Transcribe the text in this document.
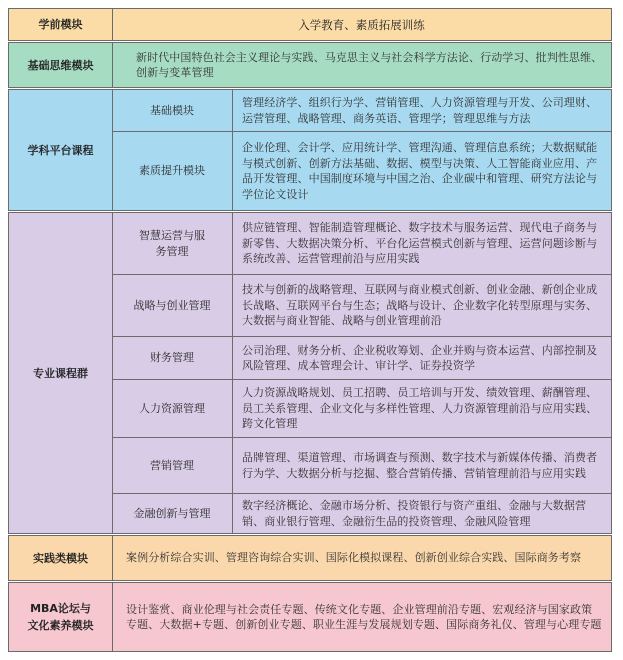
学前模块	入学教育、素质拓展训练
基础思维模块
新时代中国特色社会主义理论与实践、马克思主义与社会科学方法论、行动学习、批判性思维、创新与变革管理
学科平台课程
基础模块
管理经济学、组织行为学、营销管理、人力资源管理与开发、公司理财、运营管理、战略管理、商务英语、管理学；管理思维与方法
素质提升模块
企业伦理、会计学、应用统计学、管理沟通、管理信息系统；大数据赋能与模式创新、创新方法基础、数据、模型与决策、人工智能商业应用、产品开发管理、中国制度环境与中国之治、企业碳中和管理、研究方法论与学位论文设计
专业课程群
智慧运营与服务管理
供应链管理、智能制造管理概论、数字技术与服务运营、现代电子商务与新零售、大数据决策分析、平台化运营模式创新与管理、运营问题诊断与系统改善、运营管理前沿与应用实践
战略与创业管理
技术与创新的战略管理、互联网与商业模式创新、创业金融、新创企业成长战略、互联网平台与生态；战略与设计、企业数字化转型原理与实务、大数据与商业智能、战略与创业管理前沿
财务管理
公司治理、财务分析、企业税收筹划、企业并购与资本运营、内部控制及风险管理、成本管理会计、审计学、证券投资学
人力资源管理
人力资源战略规划、员工招聘、员工培训与开发、绩效管理、薪酬管理、员工关系管理、企业文化与多样性管理、人力资源管理前沿与应用实践、跨文化管理
营销管理
品牌管理、渠道管理、市场调查与预测、数字技术与新媒体传播、消费者行为学、大数据分析与挖掘、整合营销传播、营销管理前沿与应用实践
金融创新与管理
数字经济概论、金融市场分析、投资银行与资产重组、金融与大数据营销、商业银行管理、金融衍生品的投资管理、金融风险管理
实践类模块	案例分析综合实训、管理咨询综合实训、国际化模拟课程、创新创业综合实践、国际商务考察
MBA论坛与
文化素养模块
设计鉴赏、商业伦理与社会责任专题、传统文化专题、企业管理前沿专题、宏观经济与国家政策专题、大数据+专题、创新创业专题、职业生涯与发展规划专题、国际商务礼仪、管理与心理专题
